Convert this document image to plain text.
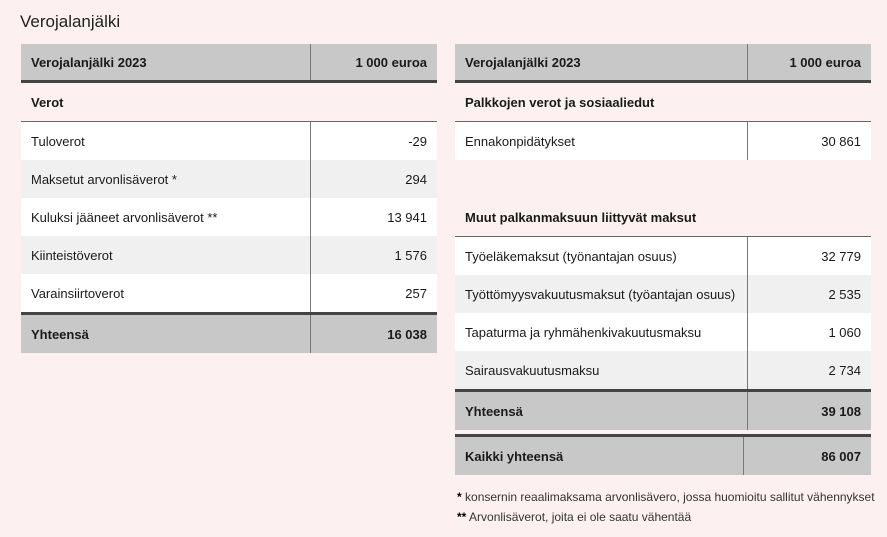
Verojalanjälki
Verojalanjälki 2023	1 000 euroa
Verot	
Tuloverot	-29
Maksetut arvonlisäverot *	294
Kuluksi jääneet arvonlisäverot **	13 941
Kiinteistöverot	1 576
Varainsiirtoverot	257
Yhteensä	16 038
Verojalanjälki 2023	1 000 euroa
Palkkojen verot ja sosiaaliedut	
Ennakonpidätykset	30 861

Muut palkanmaksuun liittyvät maksut	
Työeläkemaksut (työnantajan osuus)	32 779
Työttömyysvakuutusmaksut (työantajan osuus)	2 535
Tapaturma ja ryhmähenkivakuutusmaksu	1 060
Sairausvakuutusmaksu	2 734
Yhteensä	39 108
Kaikki yhteensä	86 007
* konsernin reaalimaksama arvonlisävero, jossa huomioitu sallitut vähennykset
** Arvonlisäverot, joita ei ole saatu vähentää
